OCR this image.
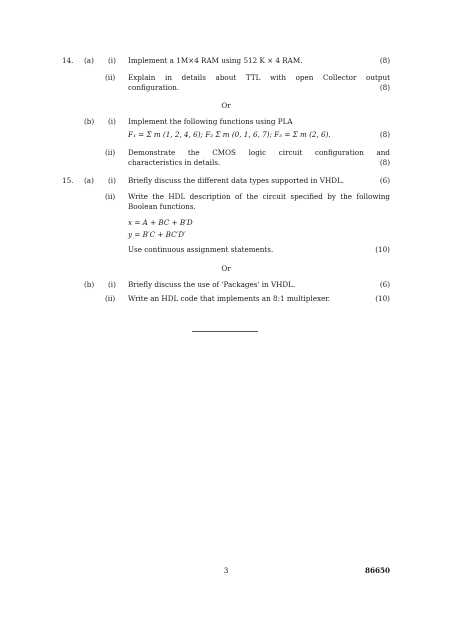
14. (a) (i) Implement a 1M×4 RAM using 512 K × 4 RAM.	(8)
(ii) Explain in details about TTL with open Collector output
configuration.	(8)
Or
(b) (i) Implement the following functions using PLA
F₁ = Σ m (1, 2, 4, 6); F₂ Σ m (0, 1, 6, 7); F₃ = Σ m (2, 6).	(8)
(ii) Demonstrate the CMOS logic circuit configuration and
characteristics in details.	(8)
15. (a) (i) Briefly discuss the different data types supported in VHDL.	(6)
(ii) Write the HDL description of the circuit specified by the following
Boolean functions.
x = A + BC + B′D
y = B′C + BC′D′
Use continuous assignment statements.	(10)
Or
(b) (i) Briefly discuss the use of 'Packages' in VHDL.	(6)
(ii) Write an HDL code that implements an 8:1 multiplexer.	(10)
3	86650
